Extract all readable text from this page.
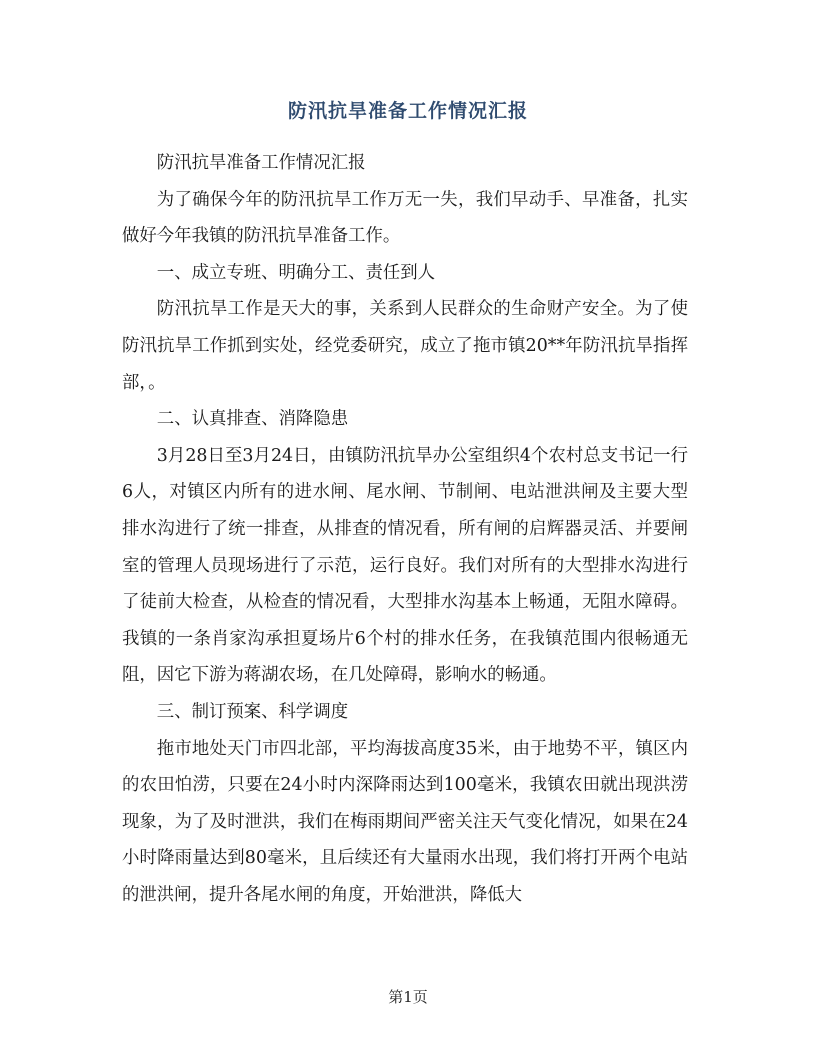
防汛抗旱准备工作情况汇报

防汛抗旱准备工作情况汇报

为了确保今年的防汛抗旱工作万无一失，我们早动手、早准备，扎实做好今年我镇的防汛抗旱准备工作。

一、成立专班、明确分工、责任到人

防汛抗旱工作是天大的事，关系到人民群众的生命财产安全。为了使防汛抗旱工作抓到实处，经党委研究，成立了拖市镇20**年防汛抗旱指挥部，。

二、认真排查、消降隐患

3月28日至3月24日，由镇防汛抗旱办公室组织4个农村总支书记一行6人，对镇区内所有的进水闸、尾水闸、节制闸、电站泄洪闸及主要大型排水沟进行了统一排查，从排查的情况看，所有闸的启辉器灵活、并要闸室的管理人员现场进行了示范，运行良好。我们对所有的大型排水沟进行了徒前大检查，从检查的情况看，大型排水沟基本上畅通，无阻水障碍。我镇的一条肖家沟承担夏场片6个村的排水任务，在我镇范围内很畅通无阻，因它下游为蒋湖农场，在几处障碍，影响水的畅通。

三、制订预案、科学调度

拖市地处天门市四北部，平均海拔高度35米，由于地势不平，镇区内的农田怕涝，只要在24小时内深降雨达到100毫米，我镇农田就出现洪涝现象，为了及时泄洪，我们在梅雨期间严密关注天气变化情况，如果在24小时降雨量达到80毫米，且后续还有大量雨水出现，我们将打开两个电站的泄洪闸，提升各尾水闸的角度，开始泄洪，降低大

第1页
